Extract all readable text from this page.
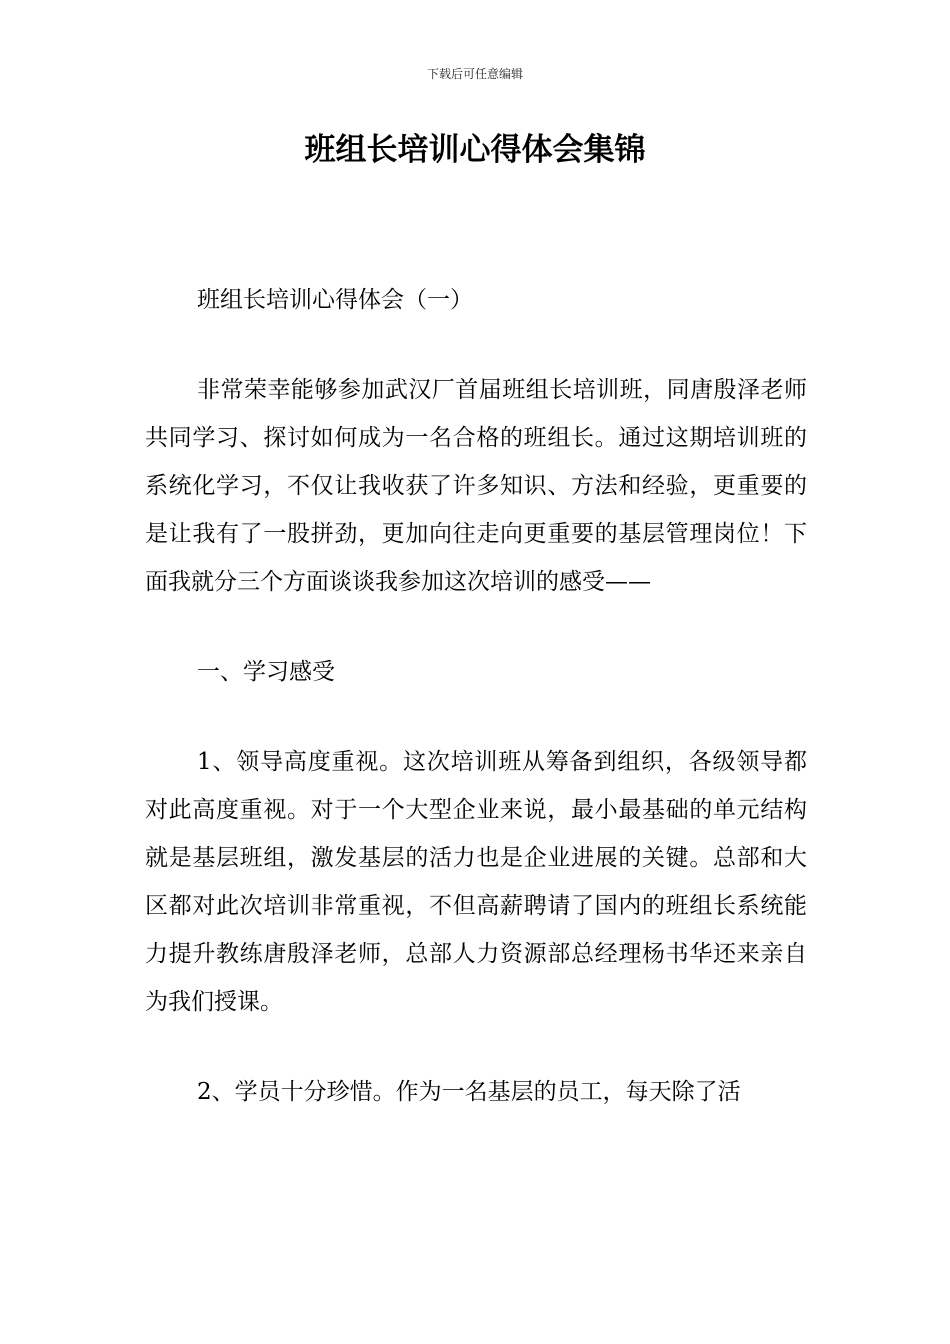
下载后可任意编辑
班组长培训心得体会集锦

班组长培训心得体会（一）

非常荣幸能够参加武汉厂首届班组长培训班，同唐殷泽老师共同学习、探讨如何成为一名合格的班组长。通过这期培训班的系统化学习，不仅让我收获了许多知识、方法和经验，更重要的是让我有了一股拼劲，更加向往走向更重要的基层管理岗位！下面我就分三个方面谈谈我参加这次培训的感受——

一、学习感受

1、领导高度重视。这次培训班从筹备到组织，各级领导都对此高度重视。对于一个大型企业来说，最小最基础的单元结构就是基层班组，激发基层的活力也是企业进展的关键。总部和大区都对此次培训非常重视，不但高薪聘请了国内的班组长系统能力提升教练唐殷泽老师，总部人力资源部总经理杨书华还来亲自为我们授课。

2、学员十分珍惜。作为一名基层的员工，每天除了活
